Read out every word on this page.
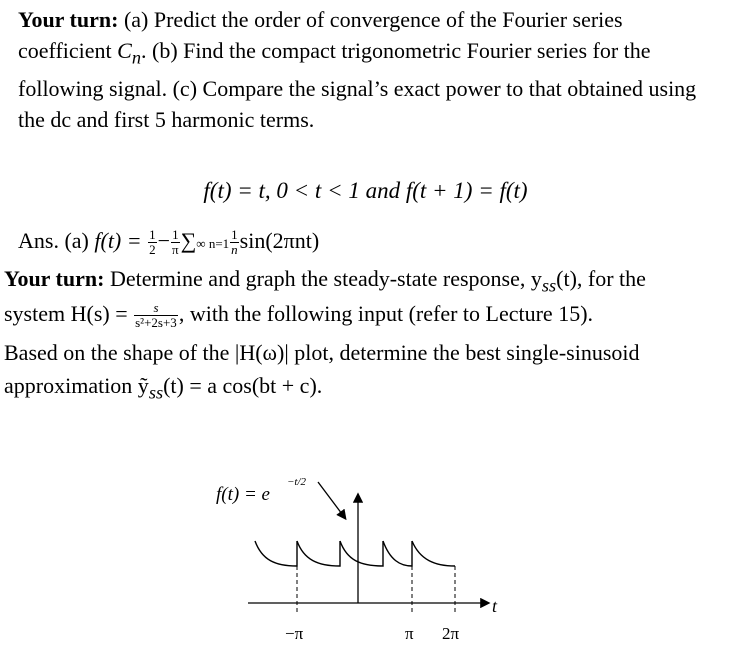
Your turn: (a) Predict the order of convergence of the Fourier series coefficient $C_n$. (b) Find the compact trigonometric Fourier series for the following signal. (c) Compare the signal’s exact power to that obtained using the dc and first 5 harmonic terms.
f(t) = t, 0 < t < 1 and f(t + 1) = f(t)
Ans. (a) $f(t) = \frac{1}{2} - \frac{1}{\pi}$ ∑∞ $n=1 \frac{1}{n} \sin(2\pi nt)$
Your turn: Determine and graph the steady-state response, $y_{ss}(t)$, for the
system $H(s) = \frac{s}{\text{s²+2s+3}}$ , with the following input (refer to Lecture 15).
Based on the shape of the |H(ω)| plot, determine the best single-sinusoid
approximation ỹ$_{ss}$(t) = a cos(bt + c).
f(t) = e
−t/2
t
−π	π 2π
